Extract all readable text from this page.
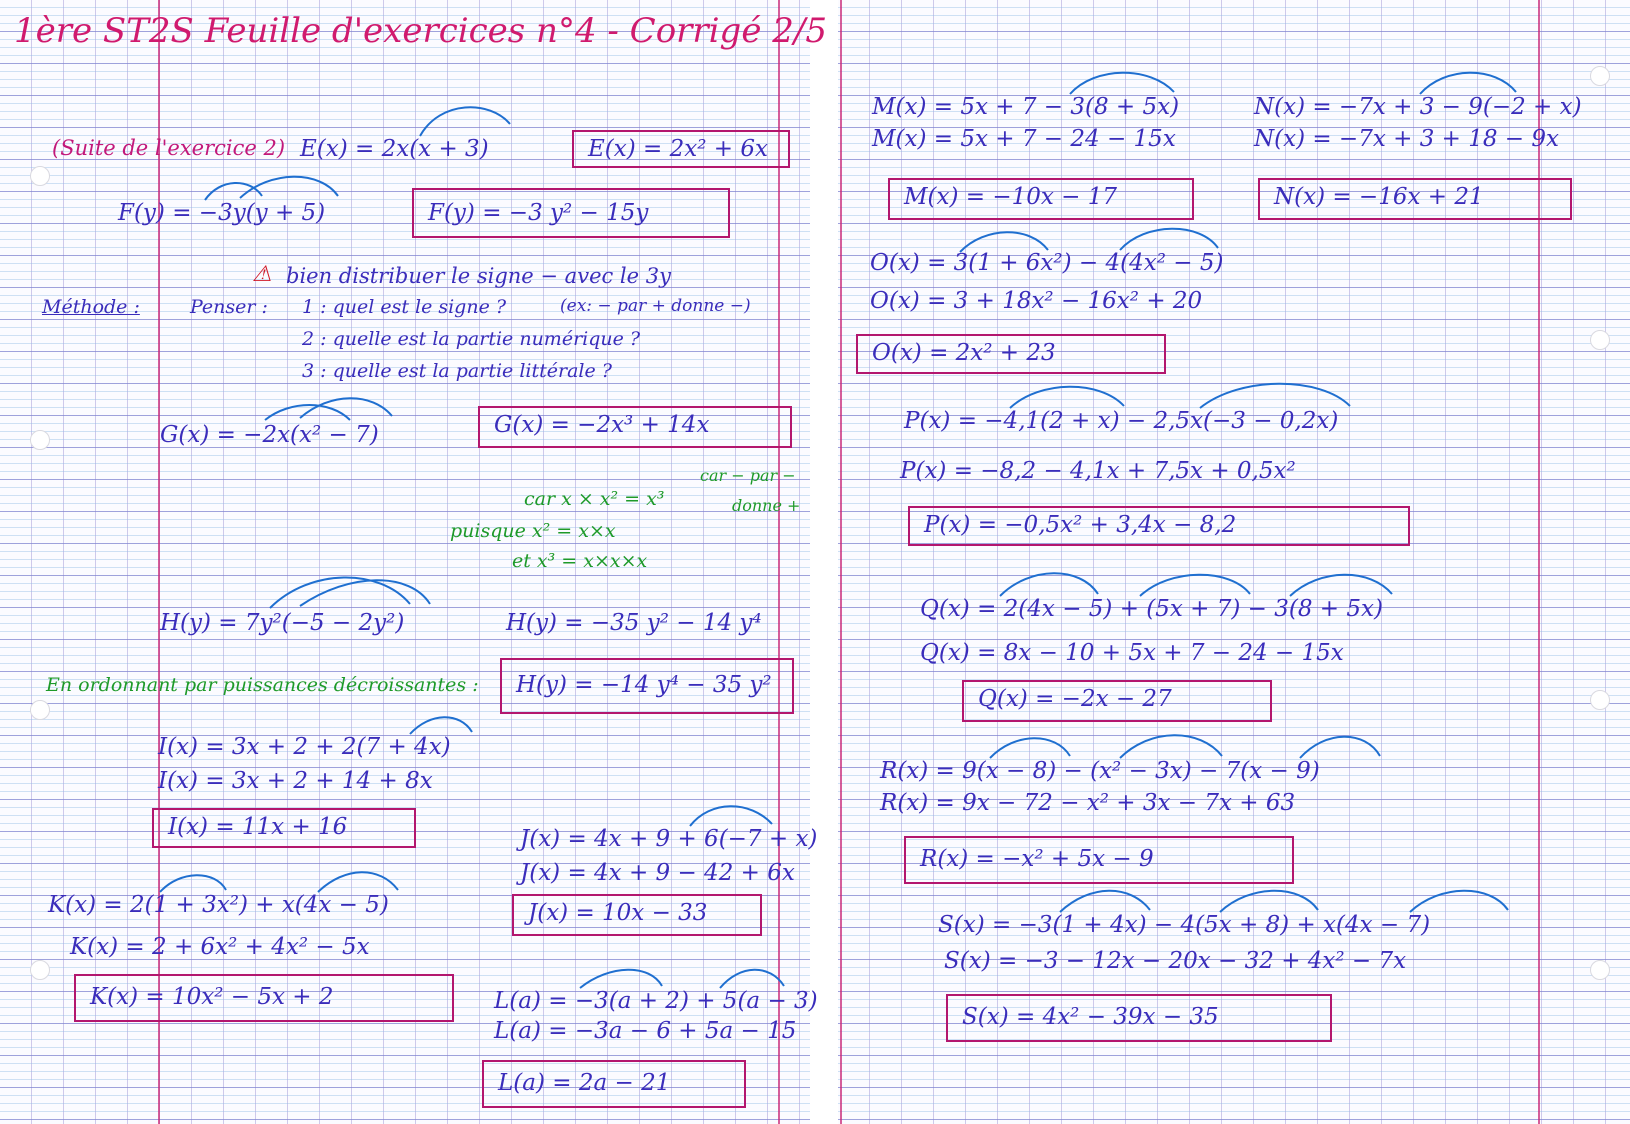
1ère ST2S Feuille d'exercices n°4 - Corrigé 2/5
(Suite de l'exercice 2) E(x) = 2x(x + 3)	E(x) = 2x² + 6x
F(y) = −3y(y + 5)	F(y) = −3 y² − 15y
⚠ bien distribuer le signe − avec le 3y
Méthode :	Penser : 1 : quel est le signe ?	(ex: − par + donne −)
2 : quelle est la partie numérique ?
3 : quelle est la partie littérale ?
G(x) = −2x(x² − 7)	G(x) = −2x³ + 14x
car − par −
donne +
car x × x² = x³
puisque x² = x×x
et x³ = x×x×x
H(y) = 7y²(−5 − 2y²)	H(y) = −35 y² − 14 y⁴
En ordonnant par puissances décroissantes :	H(y) = −14 y⁴ − 35 y²
I(x) = 3x + 2 + 2(7 + 4x)
I(x) = 3x + 2 + 14 + 8x
I(x) = 11x + 16	J(x) = 4x + 9 + 6(−7 + x)
J(x) = 4x + 9 − 42 + 6x
J(x) = 10x − 33
K(x) = 2(1 + 3x²) + x(4x − 5)
K(x) = 2 + 6x² + 4x² − 5x
K(x) = 10x² − 5x + 2	L(a) = −3(a + 2) + 5(a − 3)
L(a) = −3a − 6 + 5a − 15
L(a) = 2a − 21
M(x) = 5x + 7 − 3(8 + 5x)
M(x) = 5x + 7 − 24 − 15x
M(x) = −10x − 17
N(x) = −7x + 3 − 9(−2 + x)
N(x) = −7x + 3 + 18 − 9x
N(x) = −16x + 21
O(x) = 3(1 + 6x²) − 4(4x² − 5)
O(x) = 3 + 18x² − 16x² + 20
O(x) = 2x² + 23
P(x) = −4,1(2 + x) − 2,5x(−3 − 0,2x)
P(x) = −8,2 − 4,1x + 7,5x + 0,5x²
P(x) = −0,5x² + 3,4x − 8,2
Q(x) = 2(4x − 5) + (5x + 7) − 3(8 + 5x)
Q(x) = 8x − 10 + 5x + 7 − 24 − 15x
Q(x) = −2x − 27
R(x) = 9(x − 8) − (x² − 3x) − 7(x − 9)
R(x) = 9x − 72 − x² + 3x − 7x + 63
R(x) = −x² + 5x − 9
S(x) = −3(1 + 4x) − 4(5x + 8) + x(4x − 7)
S(x) = −3 − 12x − 20x − 32 + 4x² − 7x
S(x) = 4x² − 39x − 35
